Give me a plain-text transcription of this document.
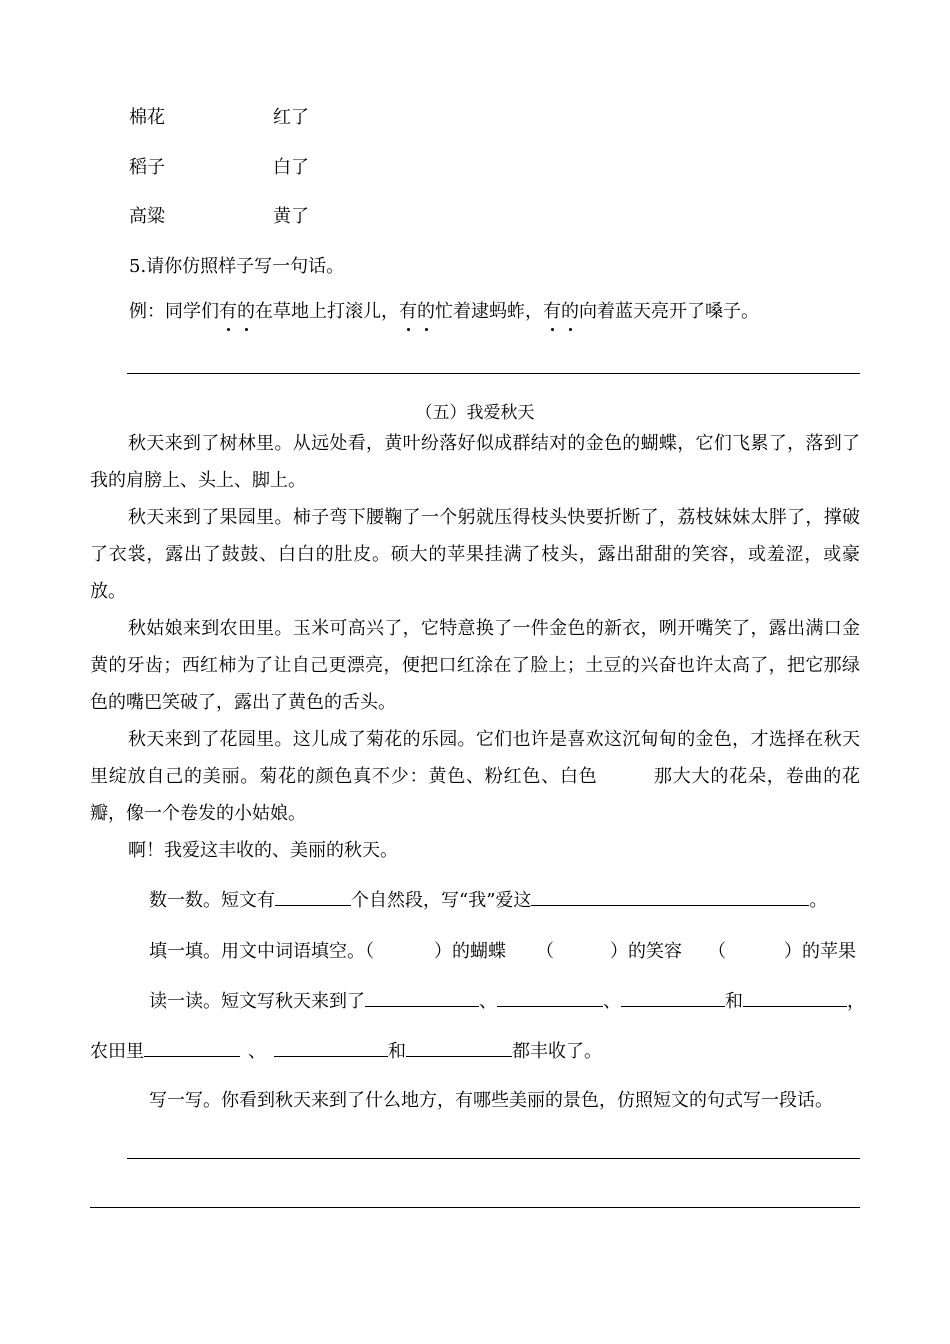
棉花	红了
稻子	白了
高粱	黄了
5.请你仿照样子写一句话。
例：同学们有的在草地上打滚儿，有的忙着逮蚂蚱，有的向着蓝天亮开了嗓子。
（五）我爱秋天

秋天来到了树林里。从远处看，黄叶纷落好似成群结对的金色的蝴蝶，它们飞累了，落到了我的肩膀上、头上、脚上。

秋天来到了果园里。柿子弯下腰鞠了一个躬就压得枝头快要折断了，荔枝妹妹太胖了，撑破了衣裳，露出了鼓鼓、白白的肚皮。硕大的苹果挂满了枝头，露出甜甜的笑容，或羞涩，或豪放。

秋姑娘来到农田里。玉米可高兴了，它特意换了一件金色的新衣，咧开嘴笑了，露出满口金黄的牙齿；西红柿为了让自己更漂亮，便把口红涂在了脸上；土豆的兴奋也许太高了，把它那绿色的嘴巴笑破了，露出了黄色的舌头。

秋天来到了花园里。这儿成了菊花的乐园。它们也许是喜欢这沉甸甸的金色，才选择在秋天里绽放自己的美丽。菊花的颜色真不少：黄色、粉红色、白色　　　那大大的花朵，卷曲的花瓣，像一个卷发的小姑娘。

啊！我爱这丰收的、美丽的秋天。

数一数。短文有	个自然段，写“我”爱这	。
填一填。用文中词语填空。（	）的蝴蝶 （	）的笑容 （	）的苹果
读一读。短文写秋天来到了	、	、	和	，
农田里	、	和	都丰收了。
写一写。你看到秋天来到了什么地方，有哪些美丽的景色，仿照短文的句式写一段话。
